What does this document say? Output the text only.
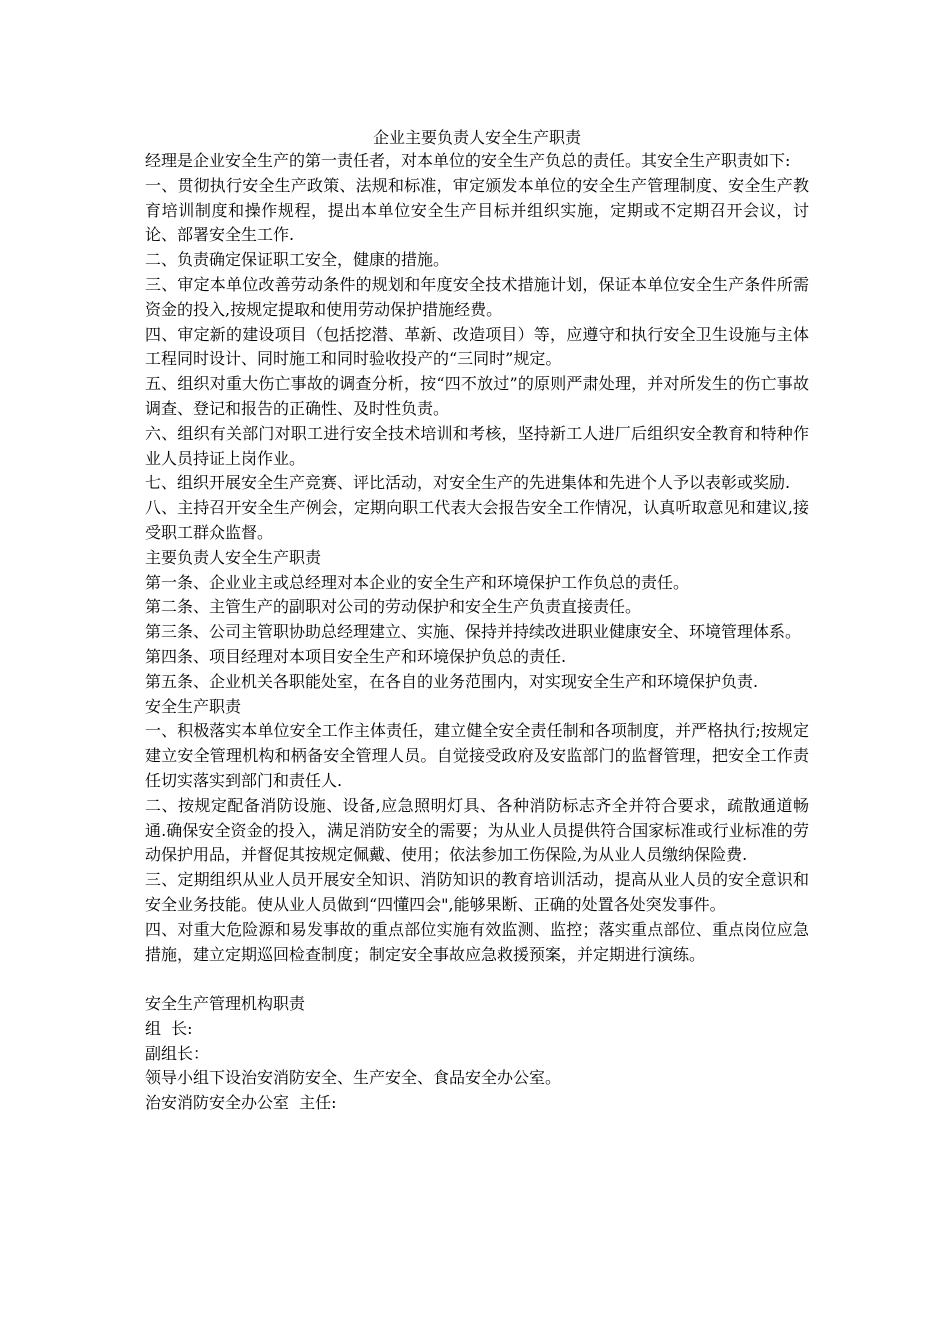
企业主要负责人安全生产职责

经理是企业安全生产的第一责任者，对本单位的安全生产负总的责任。其安全生产职责如下:

一、贯彻执行安全生产政策、法规和标准，审定颁发本单位的安全生产管理制度、安全生产教育培训制度和操作规程，提出本单位安全生产目标并组织实施，定期或不定期召开会议，讨论、部署安全生工作.

二、负责确定保证职工安全，健康的措施。

三、审定本单位改善劳动条件的规划和年度安全技术措施计划，保证本单位安全生产条件所需资金的投入,按规定提取和使用劳动保护措施经费。

四、审定新的建设项目（包括挖潜、革新、改造项目）等，应遵守和执行安全卫生设施与主体工程同时设计、同时施工和同时验收投产的“三同时”规定。

五、组织对重大伤亡事故的调查分析，按“四不放过”的原则严肃处理，并对所发生的伤亡事故调查、登记和报告的正确性、及时性负责。

六、组织有关部门对职工进行安全技术培训和考核，坚持新工人进厂后组织安全教育和特种作业人员持证上岗作业。

七、组织开展安全生产竞赛、评比活动，对安全生产的先进集体和先进个人予以表彰或奖励.

八、主持召开安全生产例会，定期向职工代表大会报告安全工作情况，认真听取意见和建议,接受职工群众监督。

主要负责人安全生产职责

第一条、企业业主或总经理对本企业的安全生产和环境保护工作负总的责任。

第二条、主管生产的副职对公司的劳动保护和安全生产负责直接责任。

第三条、公司主管职协助总经理建立、实施、保持并持续改进职业健康安全、环境管理体系。

第四条、项目经理对本项目安全生产和环境保护负总的责任.

第五条、企业机关各职能处室，在各自的业务范围内，对实现安全生产和环境保护负责.

安全生产职责

一、积极落实本单位安全工作主体责任，建立健全安全责任制和各项制度，并严格执行;按规定建立安全管理机构和柄备安全管理人员。自觉接受政府及安监部门的监督管理，把安全工作责任切实落实到部门和责任人.

二、按规定配备消防设施、设备,应急照明灯具、各种消防标志齐全并符合要求，疏散通道畅通.确保安全资金的投入，满足消防安全的需要；为从业人员提供符合国家标准或行业标准的劳动保护用品，并督促其按规定佩戴、使用；依法参加工伤保险,为从业人员缴纳保险费.

三、定期组织从业人员开展安全知识、消防知识的教育培训活动，提高从业人员的安全意识和安全业务技能。使从业人员做到“四懂四会",能够果断、正确的处置各处突发事件。

四、对重大危险源和易发事故的重点部位实施有效监测、监控；落实重点部位、重点岗位应急措施，建立定期巡回检查制度；制定安全事故应急救援预案，并定期进行演练。

安全生产管理机构职责

组  长:

副组长：

领导小组下设治安消防安全、生产安全、食品安全办公室。

治安消防安全办公室  主任:
